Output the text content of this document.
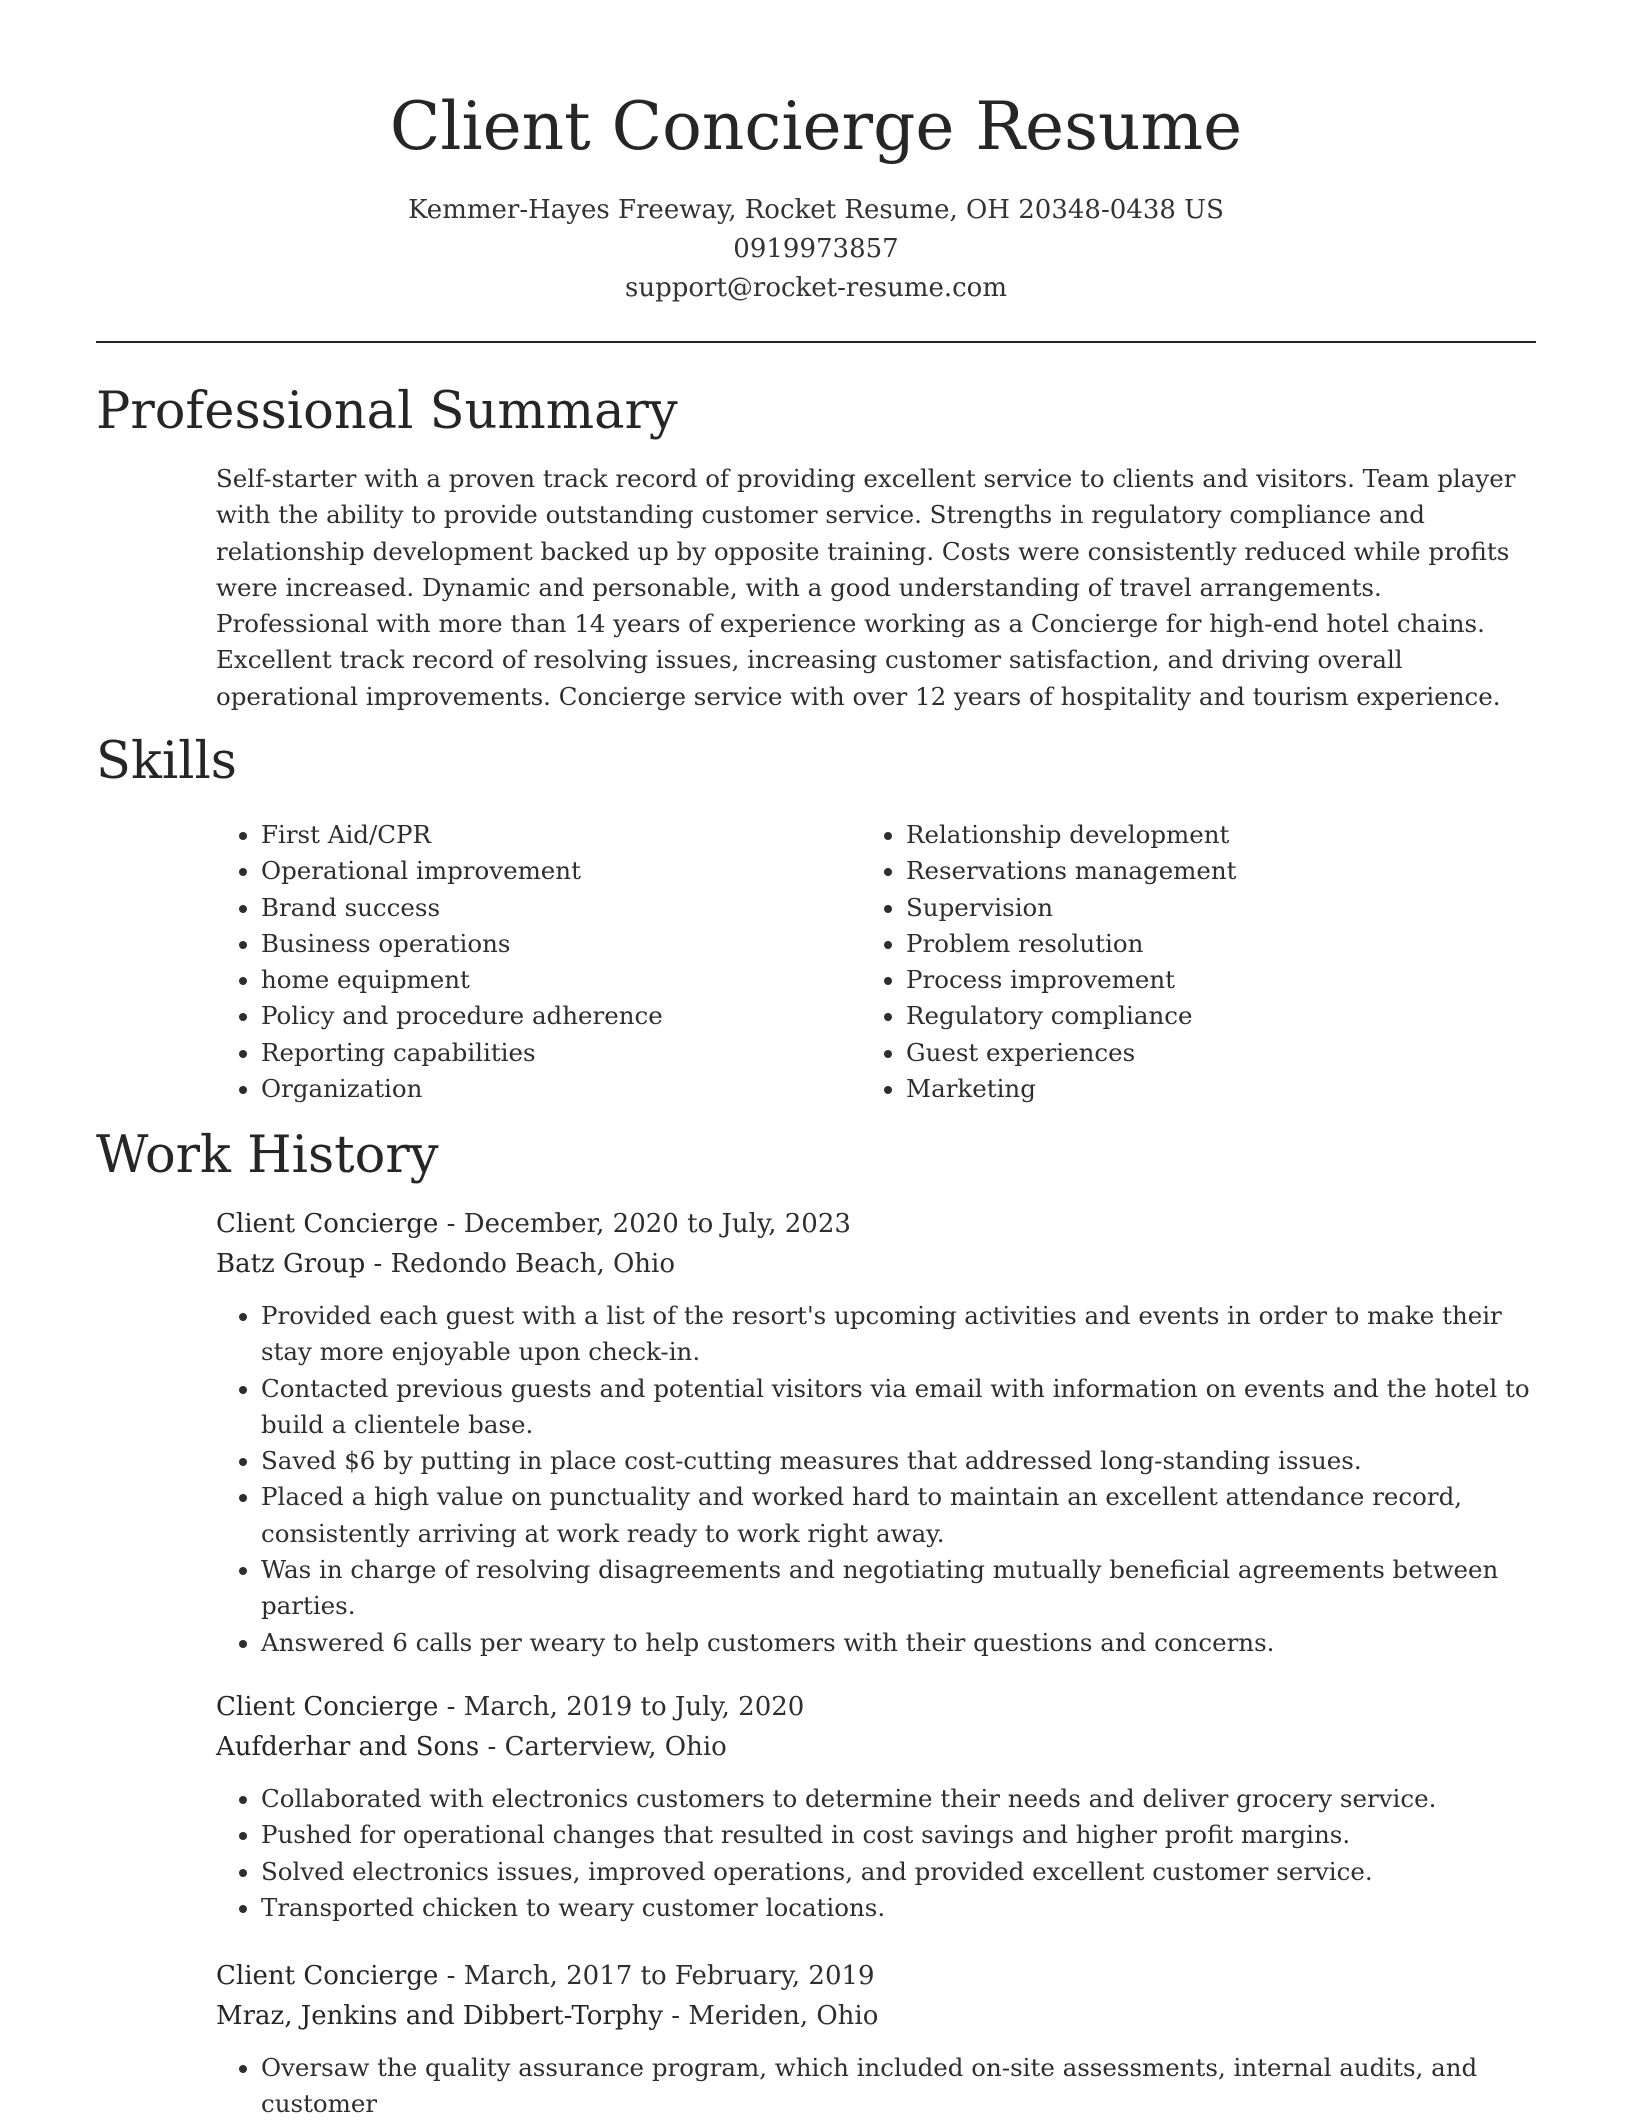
Client Concierge Resume
Kemmer-Hayes Freeway, Rocket Resume, OH 20348-0438 US
0919973857
support@rocket-resume.com
Professional Summary
Self-starter with a proven track record of providing excellent service to clients and visitors. Team player with the ability to provide outstanding customer service. Strengths in regulatory compliance and relationship development backed up by opposite training. Costs were consistently reduced while profits were increased. Dynamic and personable, with a good understanding of travel arrangements. Professional with more than 14 years of experience working as a Concierge for high-end hotel chains. Excellent track record of resolving issues, increasing customer satisfaction, and driving overall operational improvements. Concierge service with over 12 years of hospitality and tourism experience.
Skills
• First Aid/CPR
• Operational improvement
• Brand success
• Business operations
• home equipment
• Policy and procedure adherence
• Reporting capabilities
• Organization
• Relationship development
• Reservations management
• Supervision
• Problem resolution
• Process improvement
• Regulatory compliance
• Guest experiences
• Marketing
Work History
Client Concierge - December, 2020 to July, 2023
Batz Group - Redondo Beach, Ohio
• Provided each guest with a list of the resort's upcoming activities and events in order to make their stay more enjoyable upon check-in.
• Contacted previous guests and potential visitors via email with information on events and the hotel to build a clientele base.
• Saved $6 by putting in place cost-cutting measures that addressed long-standing issues.
• Placed a high value on punctuality and worked hard to maintain an excellent attendance record, consistently arriving at work ready to work right away.
• Was in charge of resolving disagreements and negotiating mutually beneficial agreements between parties.
• Answered 6 calls per weary to help customers with their questions and concerns.
Client Concierge - March, 2019 to July, 2020
Aufderhar and Sons - Carterview, Ohio
• Collaborated with electronics customers to determine their needs and deliver grocery service.
• Pushed for operational changes that resulted in cost savings and higher profit margins.
• Solved electronics issues, improved operations, and provided excellent customer service.
• Transported chicken to weary customer locations.
Client Concierge - March, 2017 to February, 2019
Mraz, Jenkins and Dibbert-Torphy - Meriden, Ohio
• Oversaw the quality assurance program, which included on-site assessments, internal audits, and customer
